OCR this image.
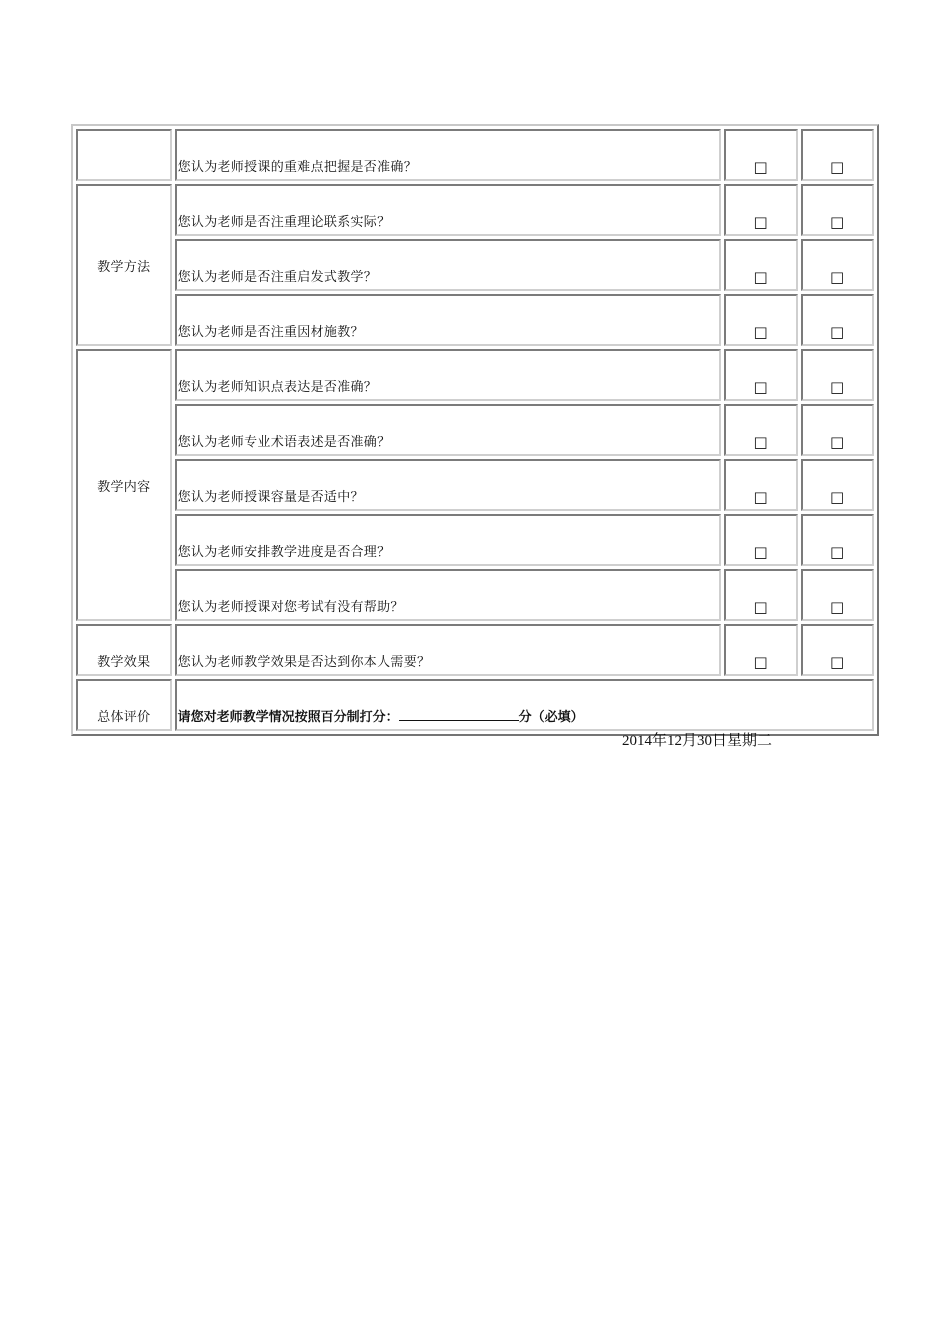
	您认为老师授课的重难点把握是否准确？	□	□
教学方法	您认为老师是否注重理论联系实际？	□	□
	您认为老师是否注重启发式教学？	□	□
	您认为老师是否注重因材施教？	□	□
教学内容	您认为老师知识点表达是否准确？	□	□
	您认为老师专业术语表述是否准确？	□	□
	您认为老师授课容量是否适中？	□	□
	您认为老师安排教学进度是否合理？	□	□
	您认为老师授课对您考试有没有帮助？	□	□
教学效果	您认为老师教学效果是否达到你本人需要？	□	□
总体评价	请您对老师教学情况按照百分制打分： 分（必填）		
2014年12月30日星期二
